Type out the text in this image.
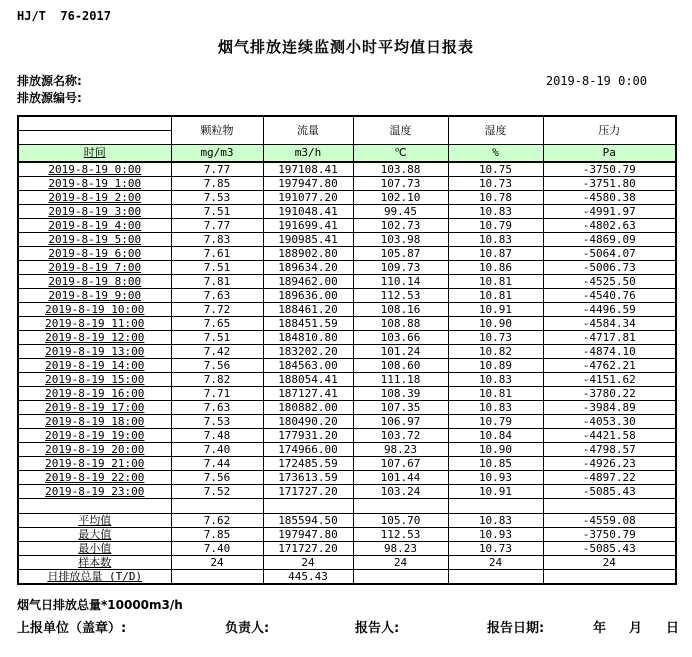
HJ/T  76-2017
烟气排放连续监测小时平均值日报表
排放源名称:
排放源编号:
2019-8-19 0:00
	颗粒物	流量	温度	湿度	压力

时间	mg/m3	m3/h	℃	%	Pa
2019-8-19 0:00	7.77	197108.41	103.88	10.75	-3750.79
2019-8-19 1:00	7.85	197947.80	107.73	10.73	-3751.80
2019-8-19 2:00	7.53	191077.20	102.10	10.78	-4580.38
2019-8-19 3:00	7.51	191048.41	99.45	10.83	-4991.97
2019-8-19 4:00	7.77	191699.41	102.73	10.79	-4802.63
2019-8-19 5:00	7.83	190985.41	103.98	10.83	-4869.09
2019-8-19 6:00	7.61	188902.80	105.87	10.87	-5064.07
2019-8-19 7:00	7.51	189634.20	109.73	10.86	-5006.73
2019-8-19 8:00	7.81	189462.00	110.14	10.81	-4525.50
2019-8-19 9:00	7.63	189636.00	112.53	10.81	-4540.76
2019-8-19 10:00	7.72	188461.20	108.16	10.91	-4496.59
2019-8-19 11:00	7.65	188451.59	108.88	10.90	-4584.34
2019-8-19 12:00	7.51	184810.80	103.66	10.73	-4717.81
2019-8-19 13:00	7.42	183202.20	101.24	10.82	-4874.10
2019-8-19 14:00	7.56	184563.00	108.60	10.89	-4762.21
2019-8-19 15:00	7.82	188054.41	111.18	10.83	-4151.62
2019-8-19 16:00	7.71	187127.41	108.39	10.81	-3780.22
2019-8-19 17:00	7.63	180882.00	107.35	10.83	-3984.89
2019-8-19 18:00	7.53	180490.20	106.97	10.79	-4053.30
2019-8-19 19:00	7.48	177931.20	103.72	10.84	-4421.58
2019-8-19 20:00	7.40	174966.00	98.23	10.90	-4798.57
2019-8-19 21:00	7.44	172485.59	107.67	10.85	-4926.23
2019-8-19 22:00	7.56	173613.59	101.44	10.93	-4897.22
2019-8-19 23:00	7.52	171727.20	103.24	10.91	-5085.43

平均值	7.62	185594.50	105.70	10.83	-4559.08
最大值	7.85	197947.80	112.53	10.93	-3750.79
最小值	7.40	171727.20	98.23	10.73	-5085.43
样本数	24	24	24	24	24
日排放总量 (T/D)		445.43			
烟气日排放总量*10000m3/h
上报单位（盖章）:	负责人:	报告人:	报告日期:	年 月 日
